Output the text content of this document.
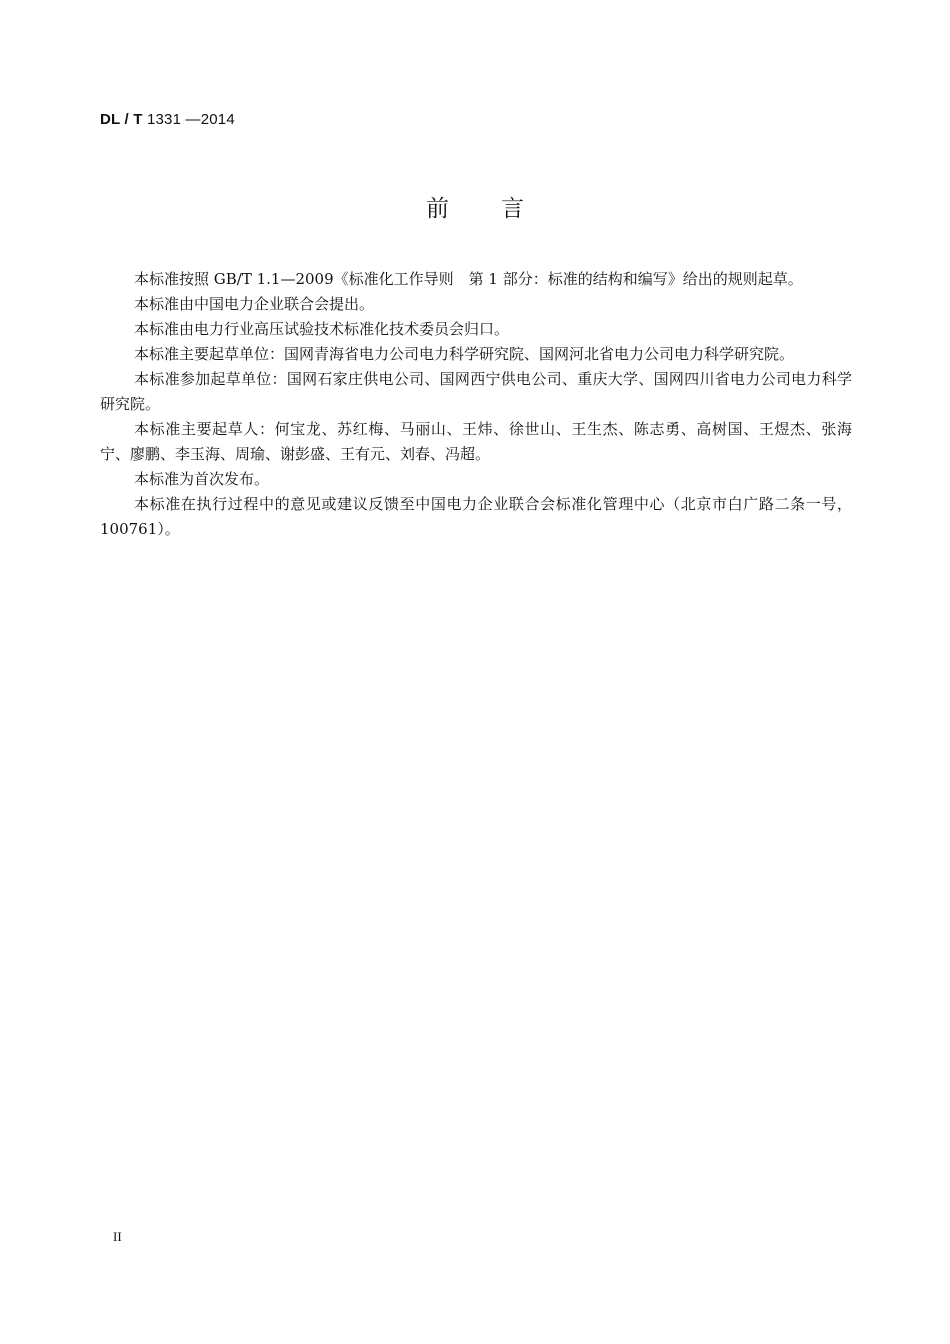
DL / T 1331 —2014
前言

本标准按照 GB/T 1.1—2009《标准化工作导则　第 1 部分：标准的结构和编写》给出的规则起草。

本标准由中国电力企业联合会提出。

本标准由电力行业高压试验技术标准化技术委员会归口。

本标准主要起草单位：国网青海省电力公司电力科学研究院、国网河北省电力公司电力科学研究院。

本标准参加起草单位：国网石家庄供电公司、国网西宁供电公司、重庆大学、国网四川省电力公司电力科学研究院。

本标准主要起草人：何宝龙、苏红梅、马丽山、王炜、徐世山、王生杰、陈志勇、高树国、王煜杰、张海宁、廖鹏、李玉海、周瑜、谢彭盛、王有元、刘春、冯超。

本标准为首次发布。

本标准在执行过程中的意见或建议反馈至中国电力企业联合会标准化管理中心（北京市白广路二条一号，100761）。

II
